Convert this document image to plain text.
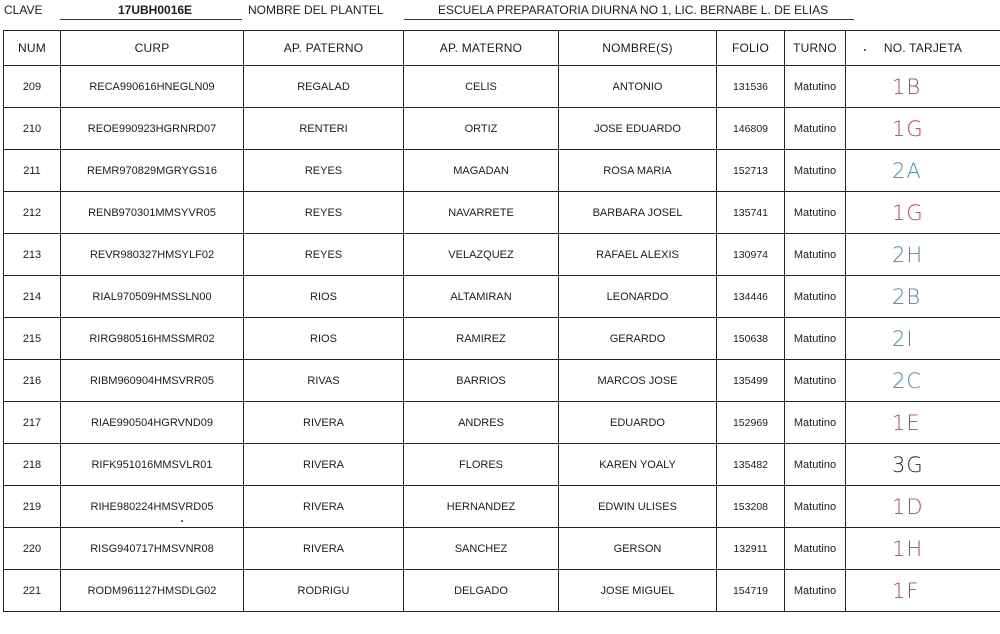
CLAVE	17UBH0016E	NOMBRE DEL PLANTEL	ESCUELA PREPARATORIA DIURNA NO 1, LIC. BERNABE L. DE ELIAS
NUM	CURP	AP. PATERNO	AP. MATERNO	NOMBRE(S)	FOLIO	TURNO	NO. TARJETA
209	RECA990616HNEGLN09	REGALAD	CELIS	ANTONIO	131536	Matutino	1B
210	REOE990923HGRNRD07	RENTERI	ORTIZ	JOSE EDUARDO	146809	Matutino	1G
211	REMR970829MGRYGS16	REYES	MAGADAN	ROSA MARIA	152713	Matutino	2A
212	RENB970301MMSYVR05	REYES	NAVARRETE	BARBARA JOSEL	135741	Matutino	1G
213	REVR980327HMSYLF02	REYES	VELAZQUEZ	RAFAEL ALEXIS	130974	Matutino	2H
214	RIAL970509HMSSLN00	RIOS	ALTAMIRAN	LEONARDO	134446	Matutino	2B
215	RIRG980516HMSSMR02	RIOS	RAMIREZ	GERARDO	150638	Matutino	2I
216	RIBM960904HMSVRR05	RIVAS	BARRIOS	MARCOS JOSE	135499	Matutino	2C
217	RIAE990504HGRVND09	RIVERA	ANDRES	EDUARDO	152969	Matutino	1E
218	RIFK951016MMSVLR01	RIVERA	FLORES	KAREN YOALY	135482	Matutino	3G
219	RIHE980224HMSVRD05	RIVERA	HERNANDEZ	EDWIN ULISES	153208	Matutino	1D
220	RISG940717HMSVNR08	RIVERA	SANCHEZ	GERSON	132911	Matutino	1H
221	RODM961127HMSDLG02	RODRIGU	DELGADO	JOSE MIGUEL	154719	Matutino	1F
